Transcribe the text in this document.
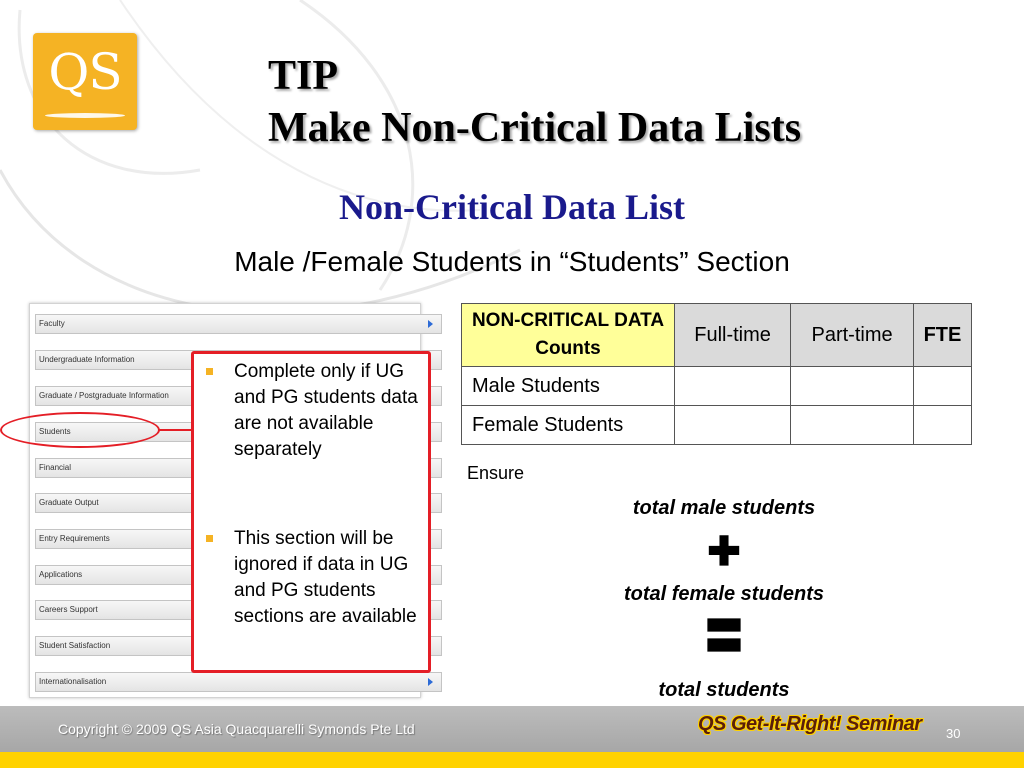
QS	TIP
Make Non-Critical Data Lists
Non-Critical Data List
Male /Female Students in “Students” Section
Faculty
Undergraduate Information
Graduate / Postgraduate Information
Students
Financial
Graduate Output
Entry Requirements
Applications
Careers Support
Student Satisfaction
Internationalisation
Complete only if UG and PG students data are not available separately
This section will be ignored if data in UG and PG students sections are available
NON-CRITICAL DATA Counts	Full-time	Part-time	FTE
Male Students			
Female Students			
Ensure
total male students
✚
total female students
〓
total students
Copyright © 2009 QS Asia Quacquarelli Symonds Pte Ltd	QS Get-It-Right! Seminar 30
